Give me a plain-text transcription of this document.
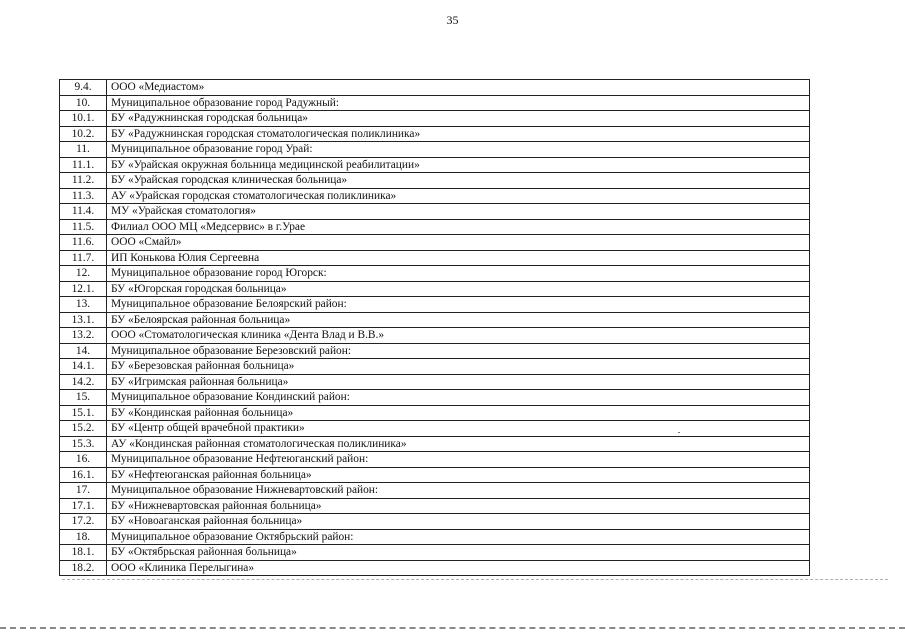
35
9.4.	ООО «Медиастом»
10.	Муниципальное образование город Радужный:
10.1.	БУ «Радужнинская городская больница»
10.2.	БУ «Радужнинская городская стоматологическая поликлиника»
11.	Муниципальное образование город Урай:
11.1.	БУ «Урайская окружная больница медицинской реабилитации»
11.2.	БУ «Урайская городская клиническая больница»
11.3.	АУ «Урайская городская стоматологическая поликлиника»
11.4.	МУ «Урайская стоматология»
11.5.	Филиал ООО МЦ «Медсервис» в г.Урае
11.6.	ООО «Смайл»
11.7.	ИП Конькова Юлия Сергеевна
12.	Муниципальное образование город Югорск:
12.1.	БУ «Югорская городская больница»
13.	Муниципальное образование Белоярский район:
13.1.	БУ «Белоярская районная больница»
13.2.	ООО «Стоматологическая клиника «Дента Влад и В.В.»
14.	Муниципальное образование Березовский район:
14.1.	БУ «Березовская районная больница»
14.2.	БУ «Игримская районная больница»
15.	Муниципальное образование Кондинский район:
15.1.	БУ «Кондинская районная больница»
15.2.	БУ «Центр общей врачебной практики»
15.3.	АУ «Кондинская районная стоматологическая поликлиника»
16.	Муниципальное образование Нефтеюганский район:
16.1.	БУ «Нефтеюганская районная больница»
17.	Муниципальное образование Нижневартовский район:
17.1.	БУ «Нижневартовская районная больница»
17.2.	БУ «Новоаганская районная больница»
18.	Муниципальное образование Октябрьский район:
18.1.	БУ «Октябрьская районная больница»
18.2.	ООО «Клиника Перелыгина»
